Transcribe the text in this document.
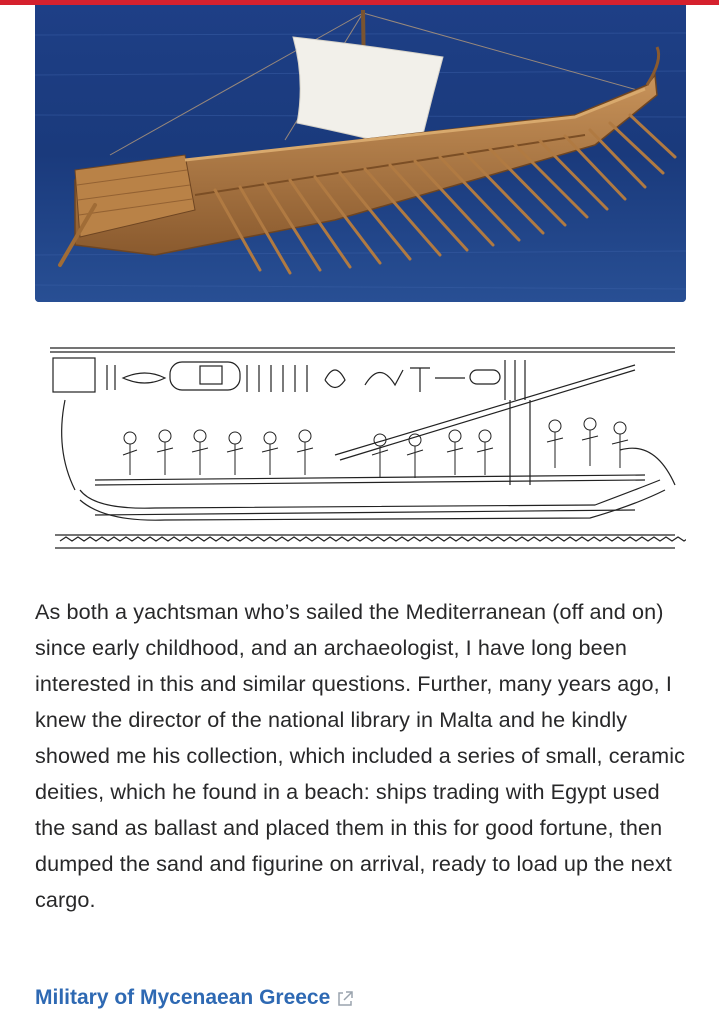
As both a yachtsman who’s sailed the Mediterranean (off and on) since early childhood, and an archaeologist, I have long been interested in this and similar questions. Further, many years ago, I knew the director of the national library in Malta and he kindly showed me his collection, which included a series of small, ceramic deities, which he found in a beach: ships trading with Egypt used the sand as ballast and placed them in this for good fortune, then dumped the sand and figurine on arrival, ready to load up the next cargo.

Military of Mycenaean Greece
